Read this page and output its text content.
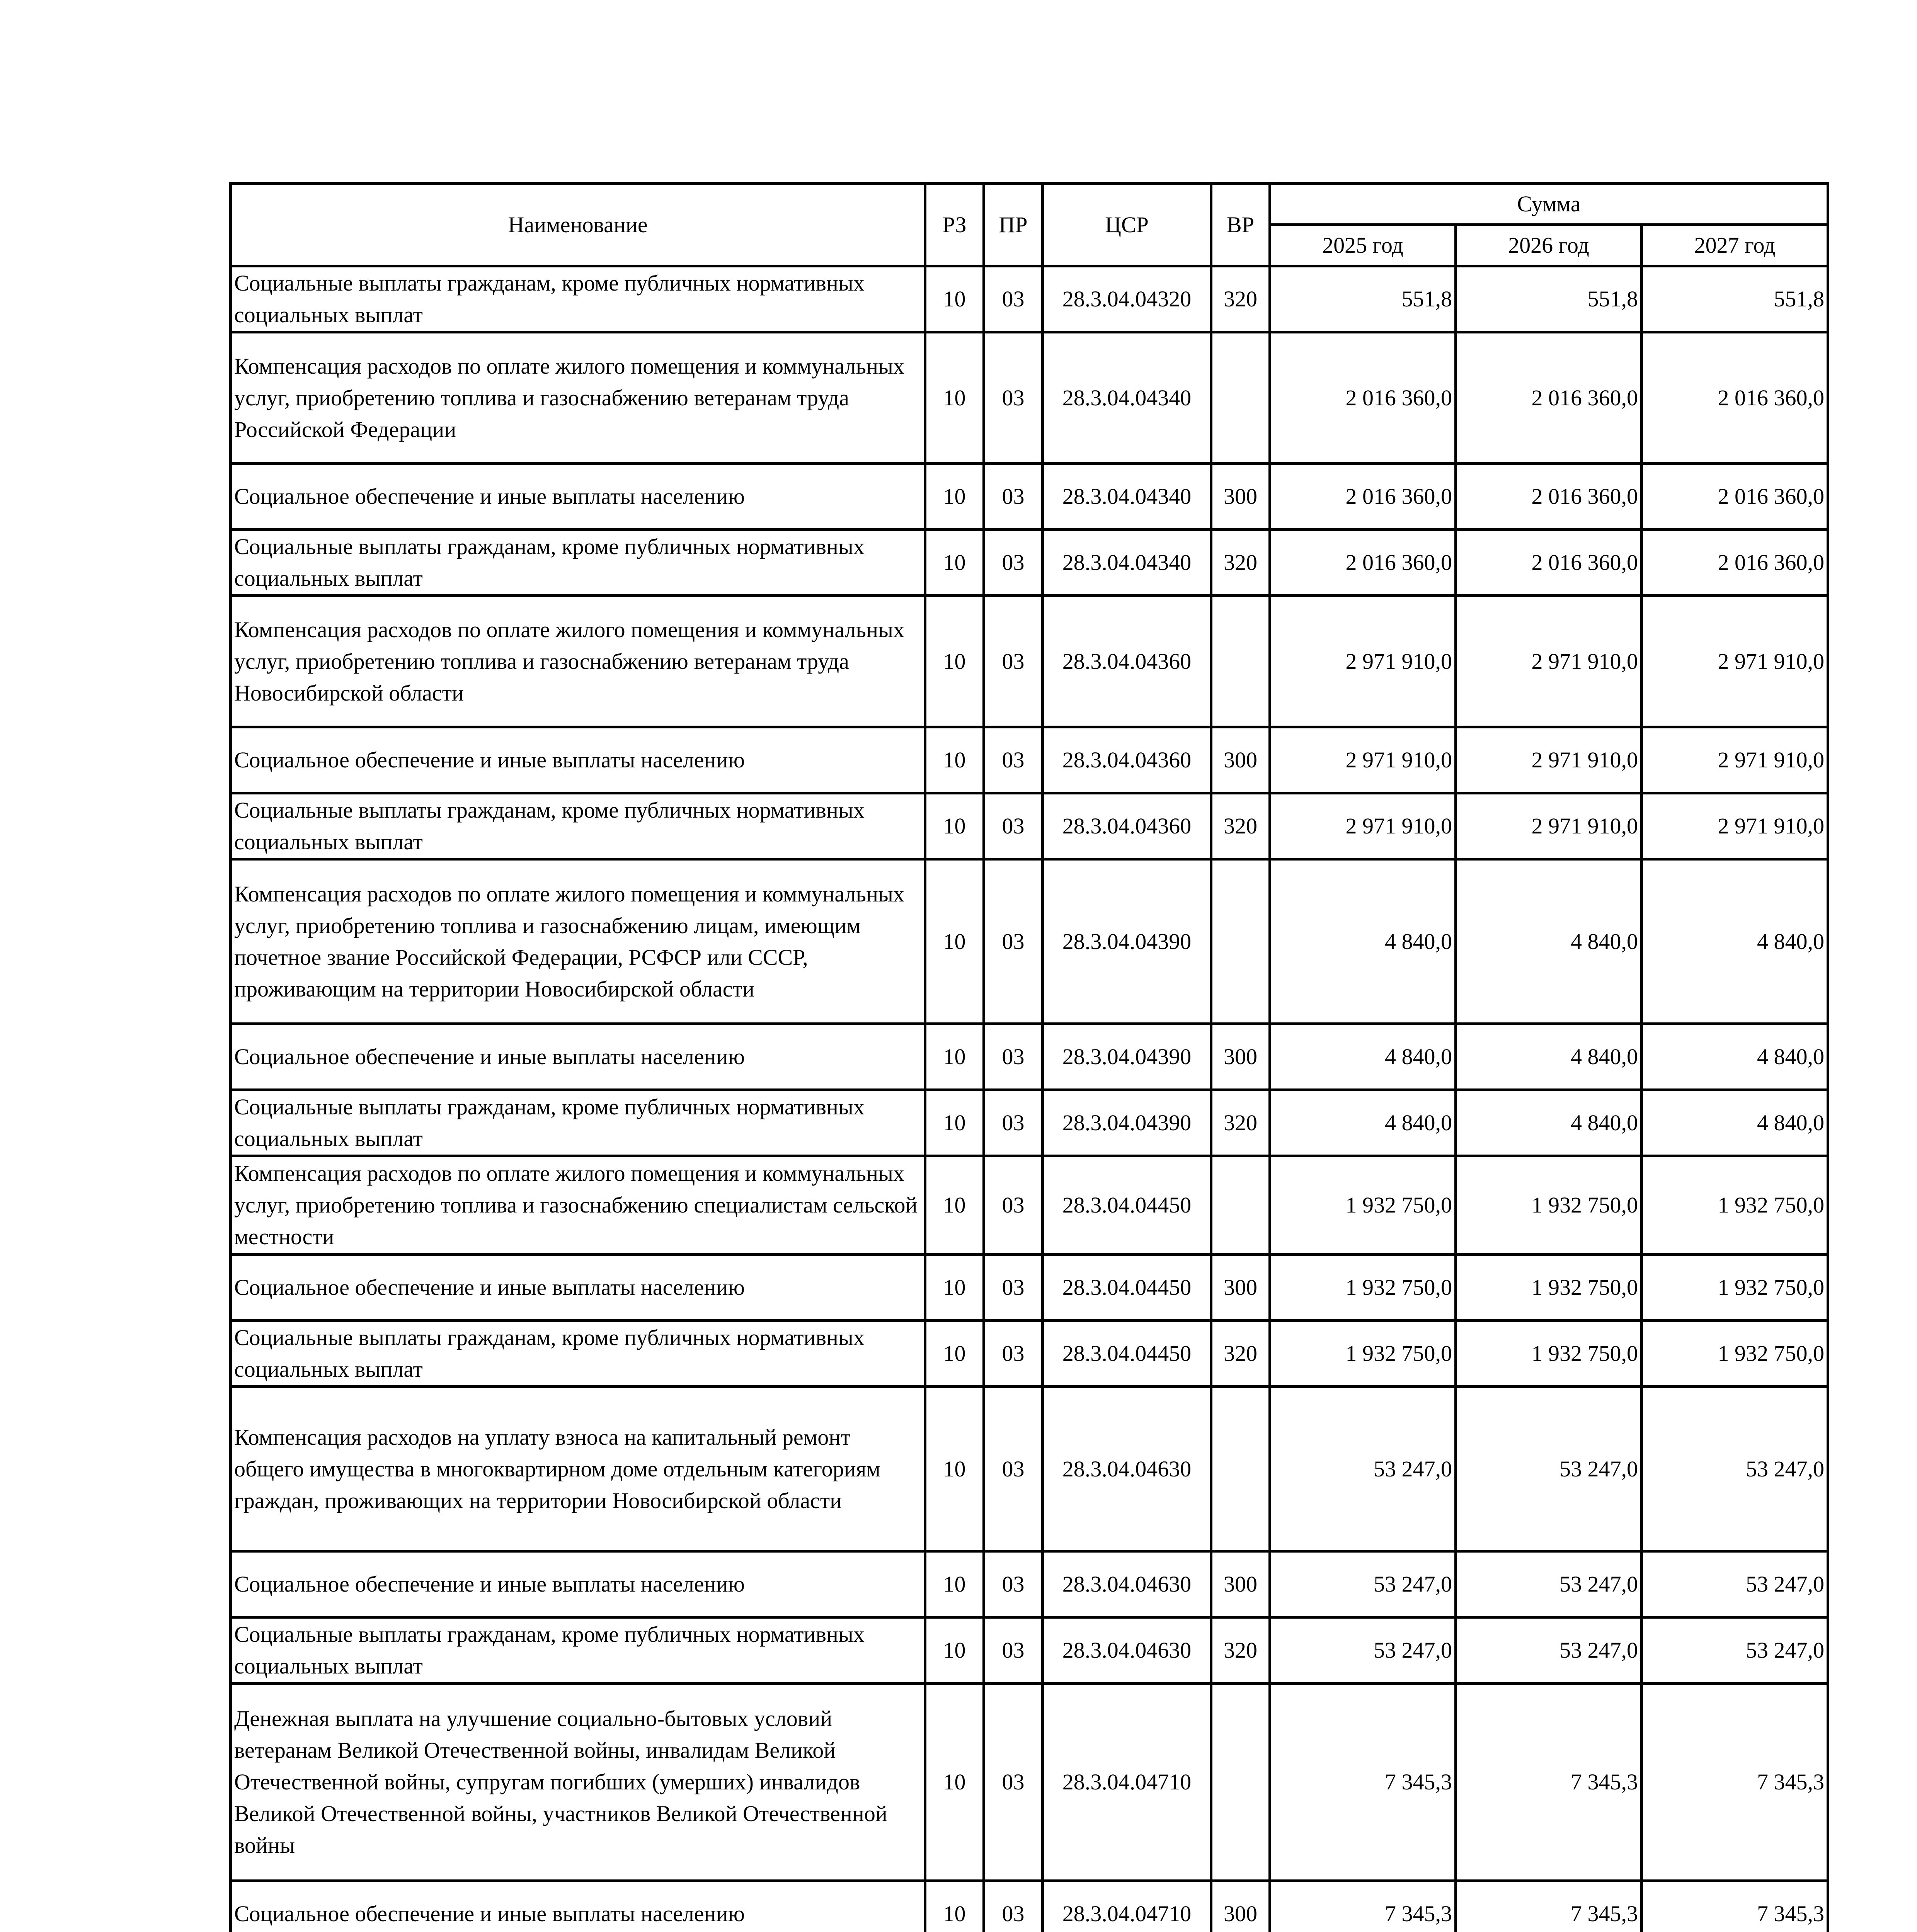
Наименование	РЗ	ПР	ЦСР	ВР	Сумма		
					2025 год	2026 год	2027 год
Социальные выплаты гражданам, кроме публичных нормативных социальных выплат	10	03	28.3.04.04320	320	551,8	551,8	551,8
Компенсация расходов по оплате жилого помещения и коммунальных услуг, приобретению топлива и газоснабжению ветеранам труда Российской Федерации	10	03	28.3.04.04340		2 016 360,0	2 016 360,0	2 016 360,0
Социальное обеспечение и иные выплаты населению	10	03	28.3.04.04340	300	2 016 360,0	2 016 360,0	2 016 360,0
Социальные выплаты гражданам, кроме публичных нормативных социальных выплат	10	03	28.3.04.04340	320	2 016 360,0	2 016 360,0	2 016 360,0
Компенсация расходов по оплате жилого помещения и коммунальных услуг, приобретению топлива и газоснабжению ветеранам труда Новосибирской области	10	03	28.3.04.04360		2 971 910,0	2 971 910,0	2 971 910,0
Социальное обеспечение и иные выплаты населению	10	03	28.3.04.04360	300	2 971 910,0	2 971 910,0	2 971 910,0
Социальные выплаты гражданам, кроме публичных нормативных социальных выплат	10	03	28.3.04.04360	320	2 971 910,0	2 971 910,0	2 971 910,0
Компенсация расходов по оплате жилого помещения и коммунальных услуг, приобретению топлива и газоснабжению лицам, имеющим почетное звание Российской Федерации, РСФСР или СССР, проживающим на территории Новосибирской области	10	03	28.3.04.04390		4 840,0	4 840,0	4 840,0
Социальное обеспечение и иные выплаты населению	10	03	28.3.04.04390	300	4 840,0	4 840,0	4 840,0
Социальные выплаты гражданам, кроме публичных нормативных социальных выплат	10	03	28.3.04.04390	320	4 840,0	4 840,0	4 840,0
Компенсация расходов по оплате жилого помещения и коммунальных услуг, приобретению топлива и газоснабжению специалистам сельской местности	10	03	28.3.04.04450		1 932 750,0	1 932 750,0	1 932 750,0
Социальное обеспечение и иные выплаты населению	10	03	28.3.04.04450	300	1 932 750,0	1 932 750,0	1 932 750,0
Социальные выплаты гражданам, кроме публичных нормативных социальных выплат	10	03	28.3.04.04450	320	1 932 750,0	1 932 750,0	1 932 750,0
Компенсация расходов на уплату взноса на капитальный ремонт общего имущества в многоквартирном доме отдельным категориям граждан, проживающих на территории Новосибирской области	10	03	28.3.04.04630		53 247,0	53 247,0	53 247,0
Социальное обеспечение и иные выплаты населению	10	03	28.3.04.04630	300	53 247,0	53 247,0	53 247,0
Социальные выплаты гражданам, кроме публичных нормативных социальных выплат	10	03	28.3.04.04630	320	53 247,0	53 247,0	53 247,0
Денежная выплата на улучшение социально-бытовых условий ветеранам Великой Отечественной войны, инвалидам Великой Отечественной войны, супругам погибших (умерших) инвалидов Великой Отечественной войны, участников Великой Отечественной войны	10	03	28.3.04.04710		7 345,3	7 345,3	7 345,3
Социальное обеспечение и иные выплаты населению	10	03	28.3.04.04710	300	7 345,3	7 345,3	7 345,3
